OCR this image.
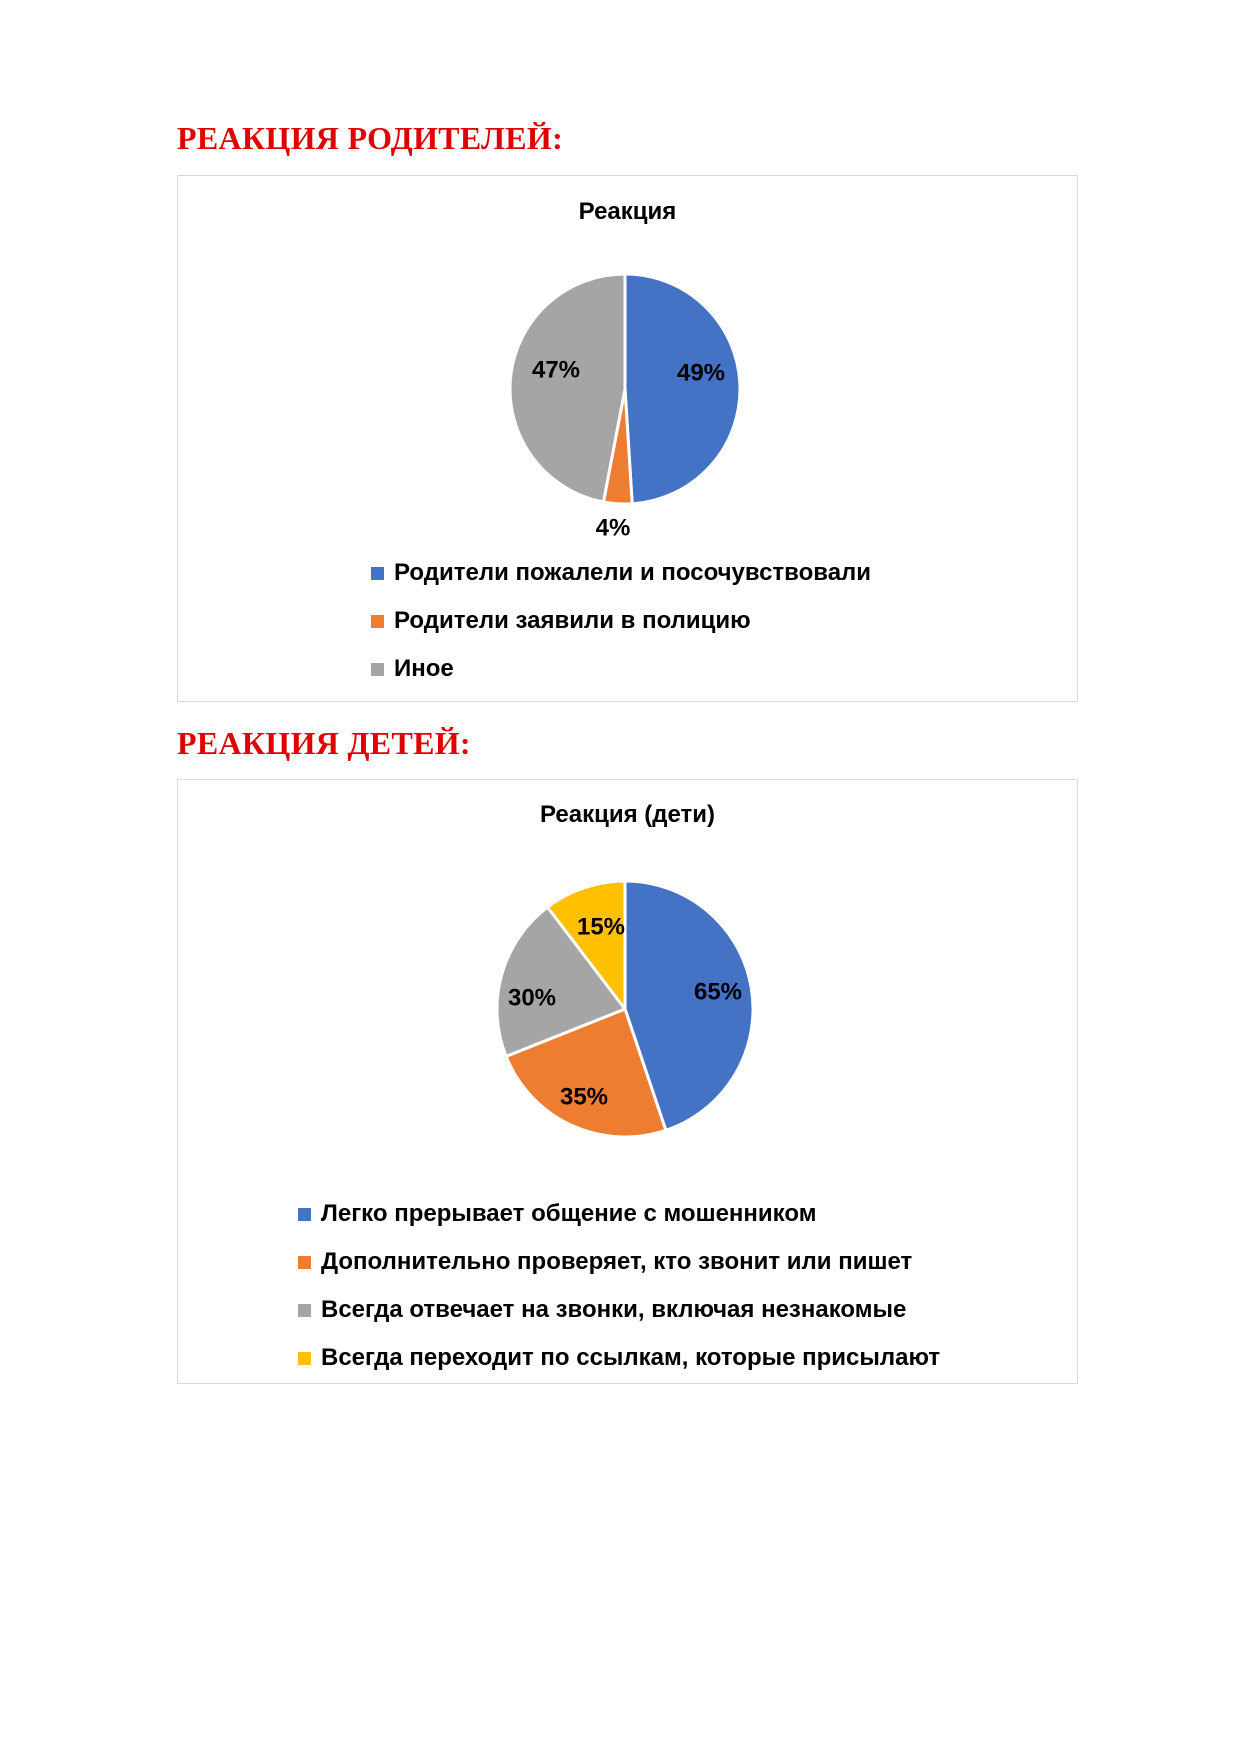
РЕАКЦИЯ РОДИТЕЛЕЙ:
Реакция
49%
4%
47%
Родители пожалели и посочувствовали
Родители заявили в полицию
Иное
РЕАКЦИЯ ДЕТЕЙ:
Реакция (дети)
65%
35%
30%
15%
Легко прерывает общение с мошенником
Дополнительно проверяет, кто звонит или пишет
Всегда отвечает на звонки, включая незнакомые
Всегда переходит по ссылкам, которые присылают
